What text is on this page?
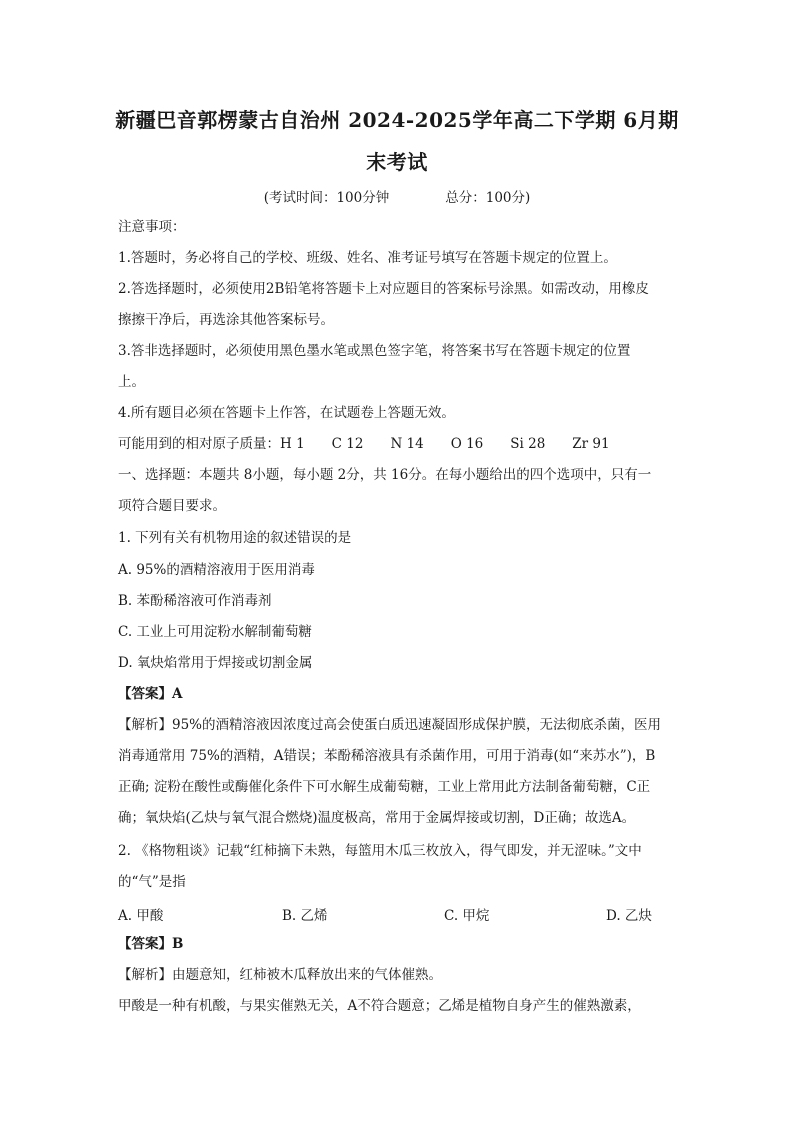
新疆巴音郭楞蒙古自治州 2024-2025学年高二下学期 6月期
末考试
(考试时间：100分钟	总分：100分)
注意事项：
1.答题时，务必将自己的学校、班级、姓名、准考证号填写在答题卡规定的位置上。
2.答选择题时，必须使用2B铅笔将答题卡上对应题目的答案标号涂黑。如需改动，用橡皮
擦擦干净后，再选涂其他答案标号。
3.答非选择题时，必须使用黑色墨水笔或黑色签字笔，将答案书写在答题卡规定的位置
上。
4.所有题目必须在答题卡上作答，在试题卷上答题无效。
可能用到的相对原子质量：H 1　　C 12　　N 14　　O 16　　Si 28　　Zr 91
一、选择题：本题共 8小题，每小题 2分，共 16分。在每小题给出的四个选项中，只有一
项符合题目要求。
1. 下列有关有机物用途的叙述错误的是
A. 95%的酒精溶液用于医用消毒
B. 苯酚稀溶液可作消毒剂
C. 工业上可用淀粉水解制葡萄糖
D. 氧炔焰常用于焊接或切割金属
【答案】A
【解析】95%的酒精溶液因浓度过高会使蛋白质迅速凝固形成保护膜，无法彻底杀菌，医用
消毒通常用 75%的酒精，A错误；苯酚稀溶液具有杀菌作用，可用于消毒(如“来苏水”)，B
正确; 淀粉在酸性或酶催化条件下可水解生成葡萄糖，工业上常用此方法制备葡萄糖，C正
确；氧炔焰(乙炔与氧气混合燃烧)温度极高，常用于金属焊接或切割，D正确；故选A。
2. 《格物粗谈》记载“红柿摘下未熟，每篮用木瓜三枚放入，得气即发，并无涩味。”文中
的“气”是指
A. 甲酸	B. 乙烯	C. 甲烷	D. 乙炔
【答案】B
【解析】由题意知，红柿被木瓜释放出来的气体催熟。
甲酸是一种有机酸，与果实催熟无关，A不符合题意；乙烯是植物自身产生的催熟激素，
